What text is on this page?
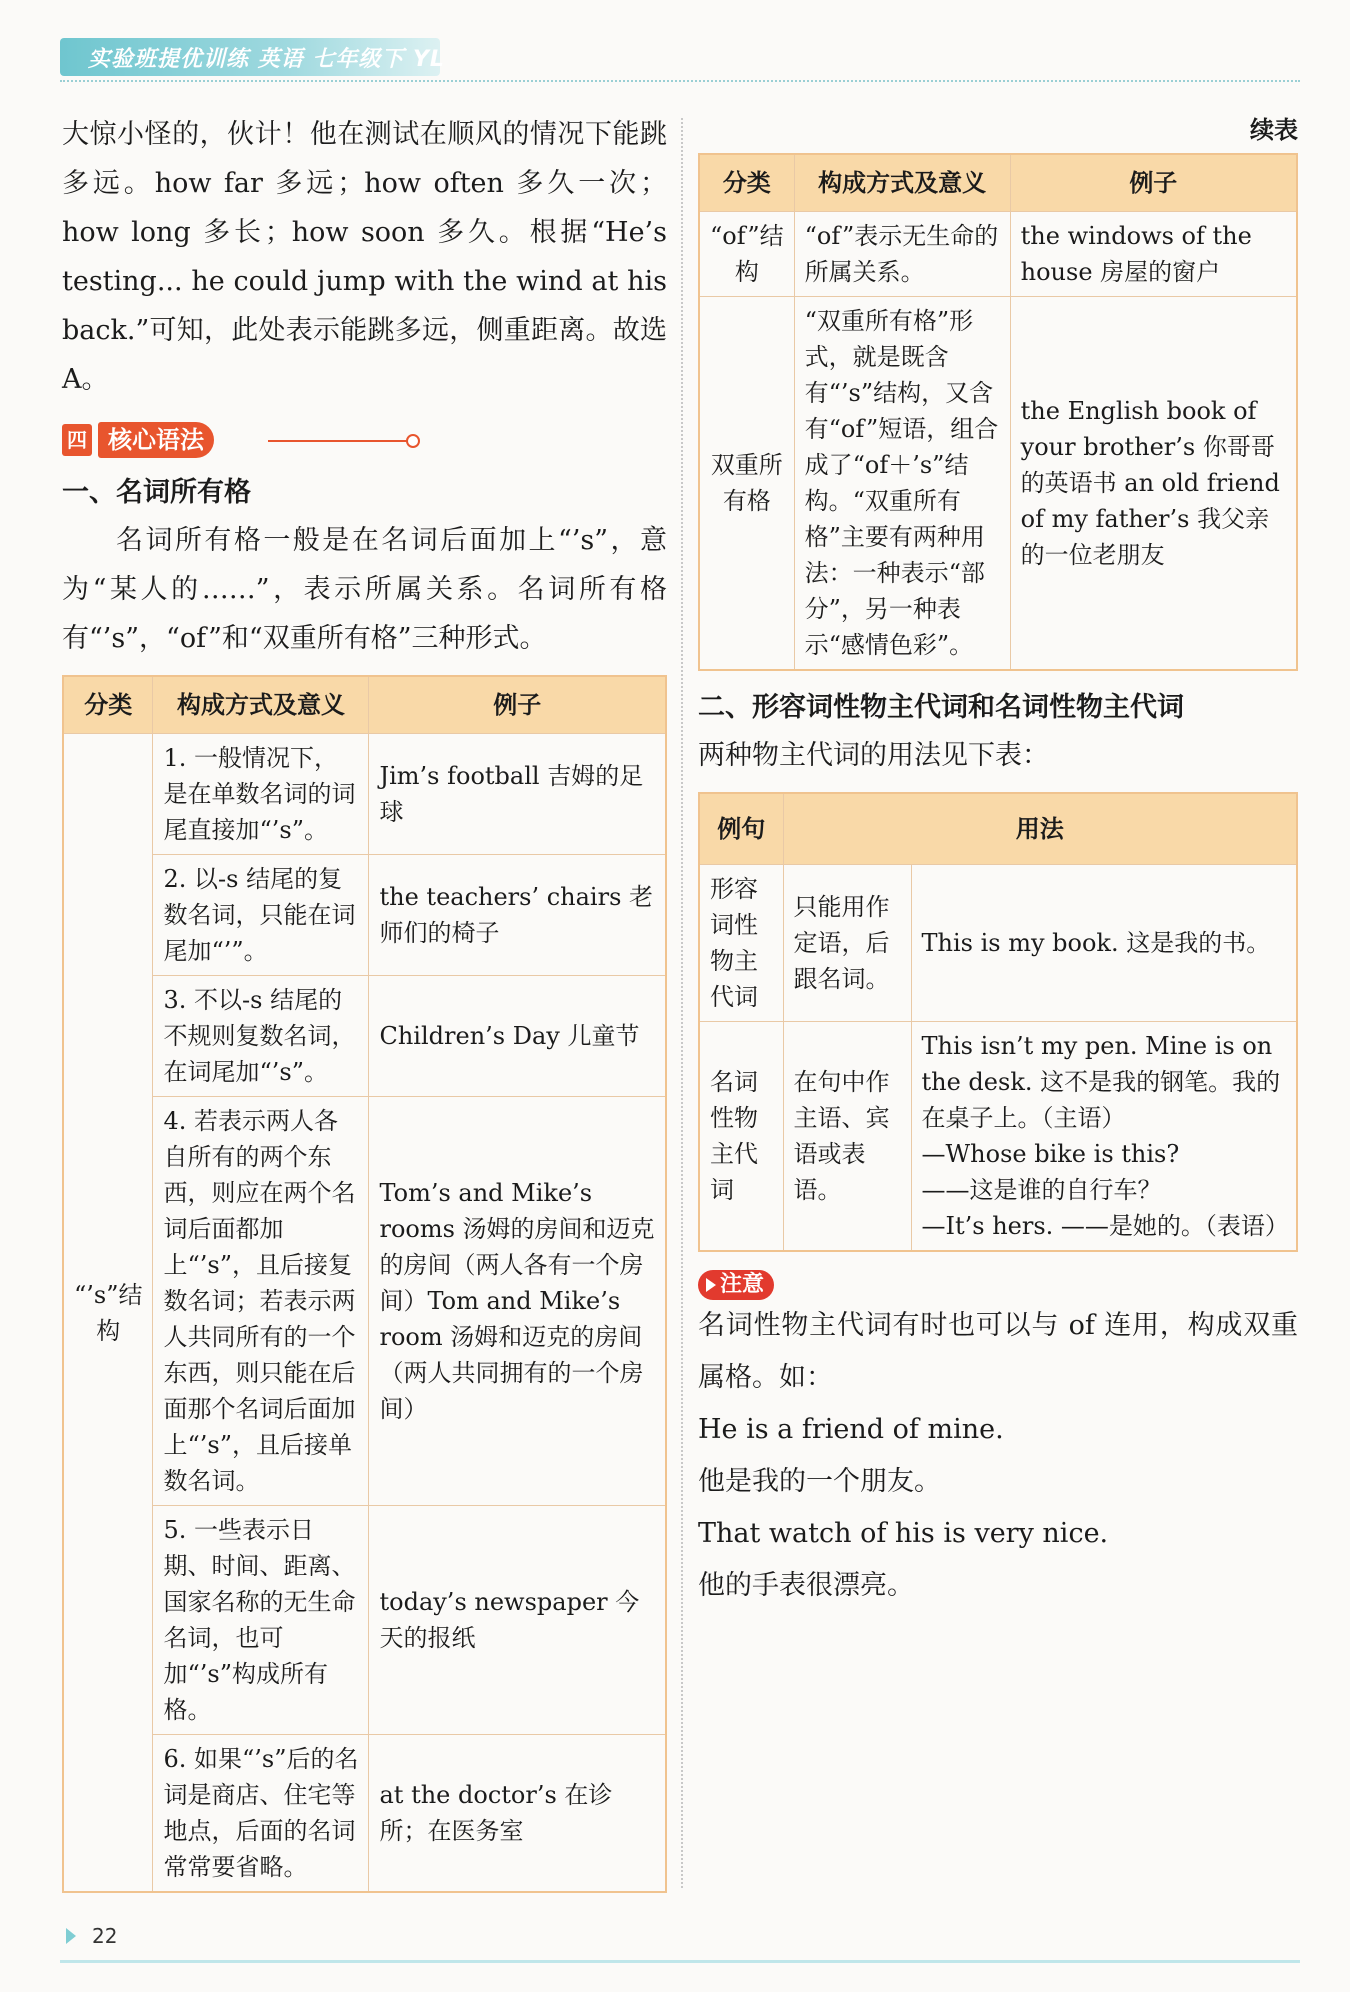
实验班提优训练 英语 七年级下 YL

大惊小怪的，伙计！他在测试在顺风的情况下能跳多远。how far 多远；how often 多久一次；how long 多长；how soon 多久。根据“He’s testing... he could jump with the wind at his back.”可知，此处表示能跳多远，侧重距离。故选 A。

四 核心语法

一、名词所有格

名词所有格一般是在名词后面加上“’s”，意为“某人的……”，表示所属关系。名词所有格有“’s”，“of”和“双重所有格”三种形式。

分类	构成方式及意义	例子
“’s”结构	1. 一般情况下，是在单数名词的词尾直接加“’s”。	Jim’s football 吉姆的足球
	2. 以-s 结尾的复数名词，只能在词尾加“’”。	the teachers’ chairs 老师们的椅子
	3. 不以-s 结尾的不规则复数名词，在词尾加“’s”。	Children’s Day 儿童节
	4. 若表示两人各自所有的两个东西，则应在两个名词后面都加上“’s”，且后接复数名词；若表示两人共同所有的一个东西，则只能在后面那个名词后面加上“’s”，且后接单数名词。	Tom’s and Mike’s rooms 汤姆的房间和迈克的房间（两人各有一个房间）Tom and Mike’s room 汤姆和迈克的房间（两人共同拥有的一个房间）
	5. 一些表示日期、时间、距离、国家名称的无生命名词，也可加“’s”构成所有格。	today’s newspaper 今天的报纸
	6. 如果“’s”后的名词是商店、住宅等地点，后面的名词常常要省略。	at the doctor’s 在诊所；在医务室

续表

分类	构成方式及意义	例子
“of”结构	“of”表示无生命的所属关系。	the windows of the house 房屋的窗户
双重所有格	“双重所有格”形式，就是既含有“’s”结构，又含有“of”短语，组合成了“of＋’s”结构。“双重所有格”主要有两种用法：一种表示“部分”，另一种表示“感情色彩”。	the English book of your brother’s 你哥哥的英语书 an old friend of my father’s 我父亲的一位老朋友

二、形容词性物主代词和名词性物主代词

两种物主代词的用法见下表：

例句	用法	
形容词性物主代词	只能用作定语，后跟名词。	This is my book. 这是我的书。

名词性物主代词	在句中作主语、宾语或表语。	This isn’t my pen. Mine is on the desk. 这不是我的钢笔。我的在桌子上。（主语）
—Whose bike is this?
——这是谁的自行车？
—It’s hers. ——是她的。（表语）
注意

名词性物主代词有时也可以与 of 连用，构成双重属格。如：

He is a friend of mine.

他是我的一个朋友。

That watch of his is very nice.

他的手表很漂亮。

22
